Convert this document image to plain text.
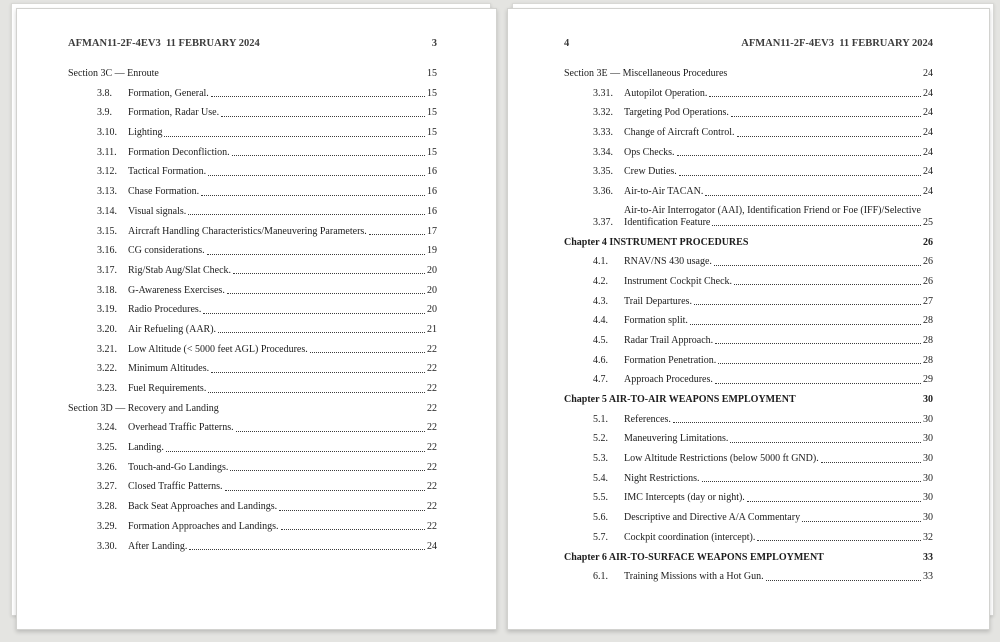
AFMAN11-2F-4EV3  11 FEBRUARY 2024	3
Section 3C — Enroute	15
3.8.	Formation, General.	15
3.9.	Formation, Radar Use.	15
3.10.	Lighting	15
3.11.	Formation Deconfliction.	15
3.12.	Tactical Formation.	16
3.13.	Chase Formation.	16
3.14.	Visual signals.	16
3.15.	Aircraft Handling Characteristics/Maneuvering Parameters.	17
3.16.	CG considerations.	19
3.17.	Rig/Stab Aug/Slat Check.	20
3.18.	G-Awareness Exercises.	20
3.19.	Radio Procedures.	20
3.20.	Air Refueling (AAR).	21
3.21.	Low Altitude (< 5000 feet AGL) Procedures.	22
3.22.	Minimum Altitudes.	22
3.23.	Fuel Requirements.	22
Section 3D — Recovery and Landing	22
3.24.	Overhead Traffic Patterns.	22
3.25.	Landing.	22
3.26.	Touch-and-Go Landings.	22
3.27.	Closed Traffic Patterns.	22
3.28.	Back Seat Approaches and Landings.	22
3.29.	Formation Approaches and Landings.	22
3.30.	After Landing.	24
4	AFMAN11-2F-4EV3  11 FEBRUARY 2024
Section 3E — Miscellaneous Procedures	24
3.31.	Autopilot Operation.	24
3.32.	Targeting Pod Operations.	24
3.33.	Change of Aircraft Control.	24
3.34.	Ops Checks.	24
3.35.	Crew Duties.	24
3.36.	Air-to-Air TACAN.	24
3.37.
Air-to-Air Interrogator (AAI), Identification Friend or Foe (IFF)/Selective
Identification Feature	25
Chapter 4 INSTRUMENT PROCEDURES	26
4.1.	RNAV/NS 430 usage.	26
4.2.	Instrument Cockpit Check.	26
4.3.	Trail Departures.	27
4.4.	Formation split.	28
4.5.	Radar Trail Approach.	28
4.6.	Formation Penetration.	28
4.7.	Approach Procedures.	29
Chapter 5 AIR-TO-AIR WEAPONS EMPLOYMENT	30
5.1.	References.	30
5.2.	Maneuvering Limitations.	30
5.3.	Low Altitude Restrictions (below 5000 ft GND).	30
5.4.	Night Restrictions.	30
5.5.	IMC Intercepts (day or night).	30
5.6.	Descriptive and Directive A/A Commentary	30
5.7.	Cockpit coordination (intercept).	32
Chapter 6 AIR-TO-SURFACE WEAPONS EMPLOYMENT	33
6.1.	Training Missions with a Hot Gun.	33
